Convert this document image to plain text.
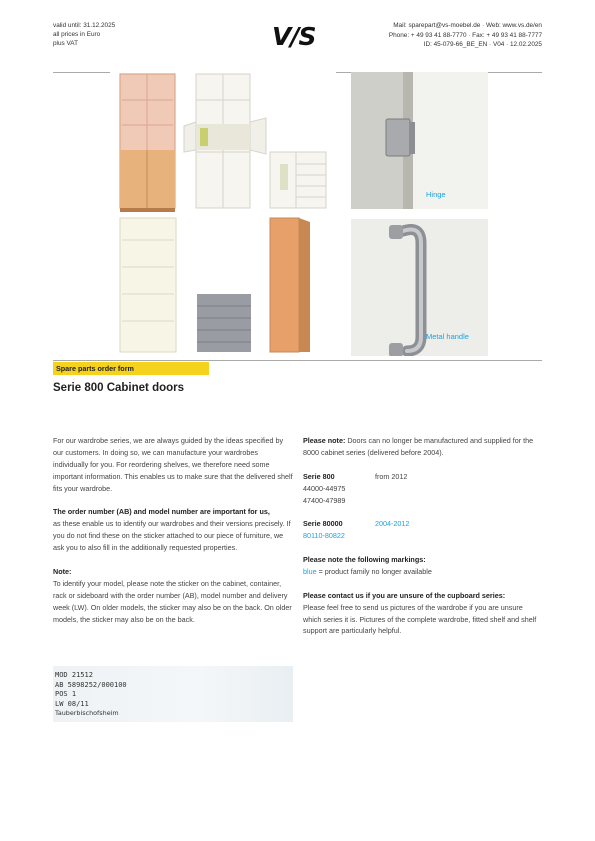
valid until: 31.12.2025
all prices in Euro
plus VAT	V/S	Mail: sparepart@vs-moebel.de · Web: www.vs.de/en
Phone: + 49 93 41 88-7770 · Fax: + 49 93 41 88-7777
ID: 45-079-66_BE_EN · V04 · 12.02.2025
Hinge
Metal handle
Spare parts order form
Serie 800 Cabinet doors

For our wardrobe series, we are always guided by the ideas specified by our customers. In doing so, we can manufacture your wardrobes individually for you. For reordering shelves, we therefore need some important information. This enables us to make sure that the delivered shelf fits your wardrobe.

The order number (AB) and model number are important for us,

as these enable us to identify our wardrobes and their versions precisely. If you do not find these on the sticker attached to our piece of furniture, we ask you to also fill in the additionally requested properties.

Note:

To identify your model, please note the sticker on the cabinet, container, rack or sideboard with the order number (AB), model number and delivery week (LW). On older models, the sticker may also be on the back. On older models, the sticker may also be on the back.

MOD 21512
AB 5898252/000100
POS 1
LW 08/11
Tauberbischofsheim

Please note: Doors can no longer be manufactured and supplied for the 8000 cabinet series (delivered before 2004).

Serie 800	from 2012
44000-44975

47400-47989

Serie 80000	2004-2012

80110-80822

Please note the following markings:

blue = product family no longer available

Please contact us if you are unsure of the cupboard series:

Please feel free to send us pictures of the wardrobe if you are unsure which series it is. Pictures of the complete wardrobe, fitted shelf and shelf support are particularly helpful.
